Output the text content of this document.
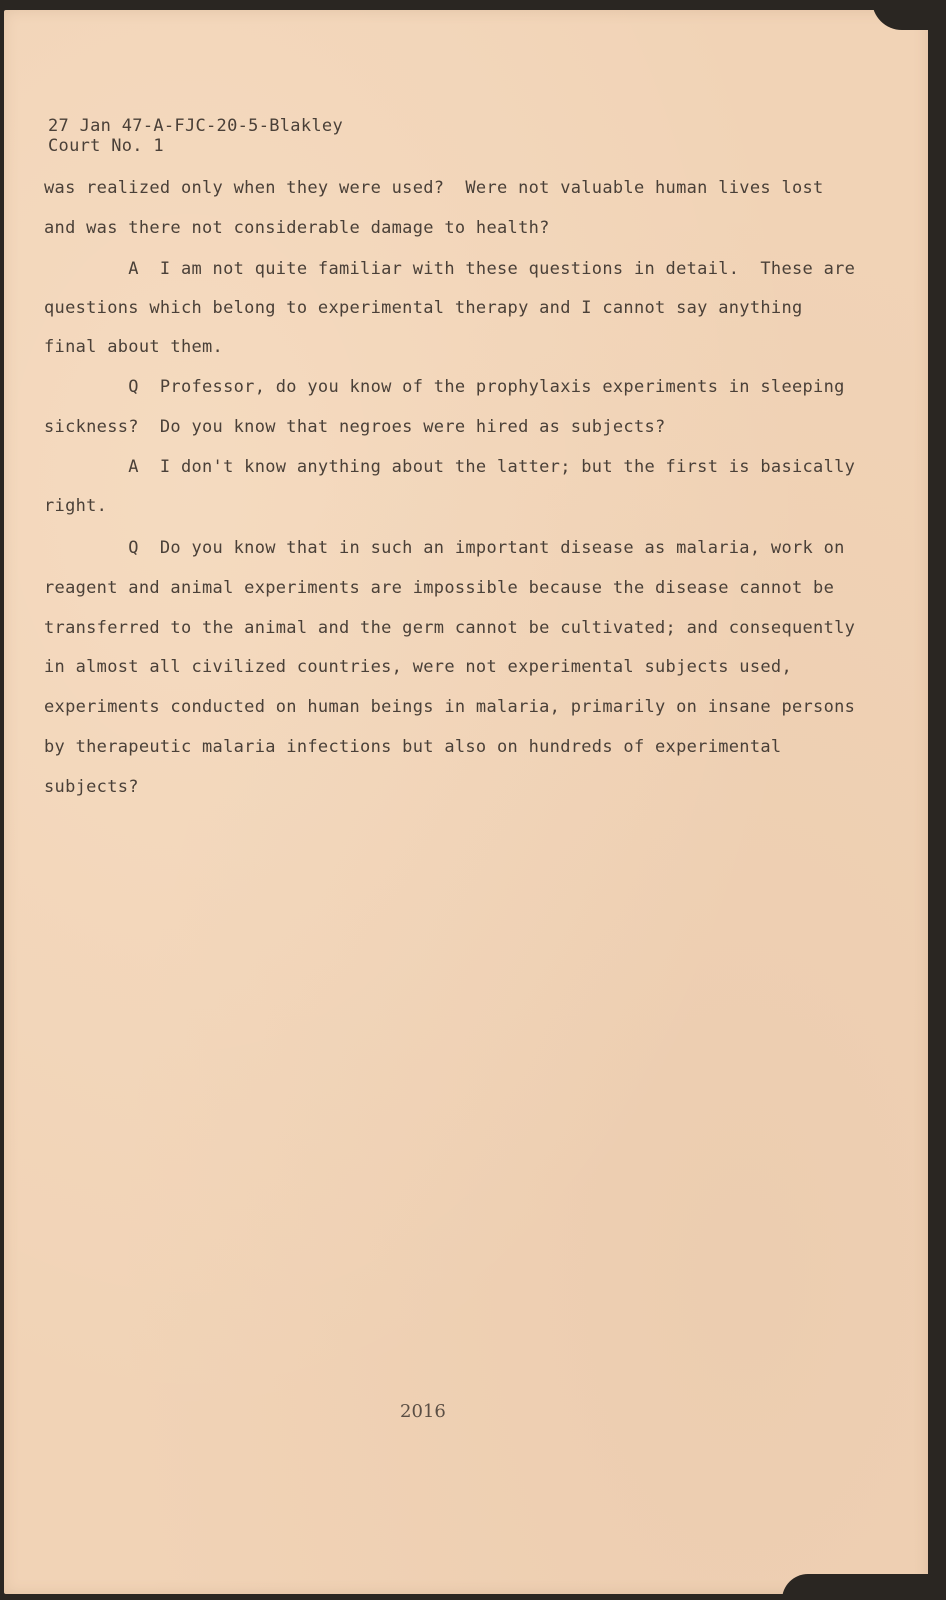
27 Jan 47-A-FJC-20-5-Blakley
Court No. 1
was realized only when they were used?  Were not valuable human lives lost
and was there not considerable damage to health?
A  I am not quite familiar with these questions in detail.  These are
questions which belong to experimental therapy and I cannot say anything
final about them.
Q  Professor, do you know of the prophylaxis experiments in sleeping
sickness?  Do you know that negroes were hired as subjects?
A  I don't know anything about the latter; but the first is basically
right.
Q  Do you know that in such an important disease as malaria, work on
reagent and animal experiments are impossible because the disease cannot be
transferred to the animal and the germ cannot be cultivated; and consequently
in almost all civilized countries, were not experimental subjects used,
experiments conducted on human beings in malaria, primarily on insane persons
by therapeutic malaria infections but also on hundreds of experimental
subjects?
2016
